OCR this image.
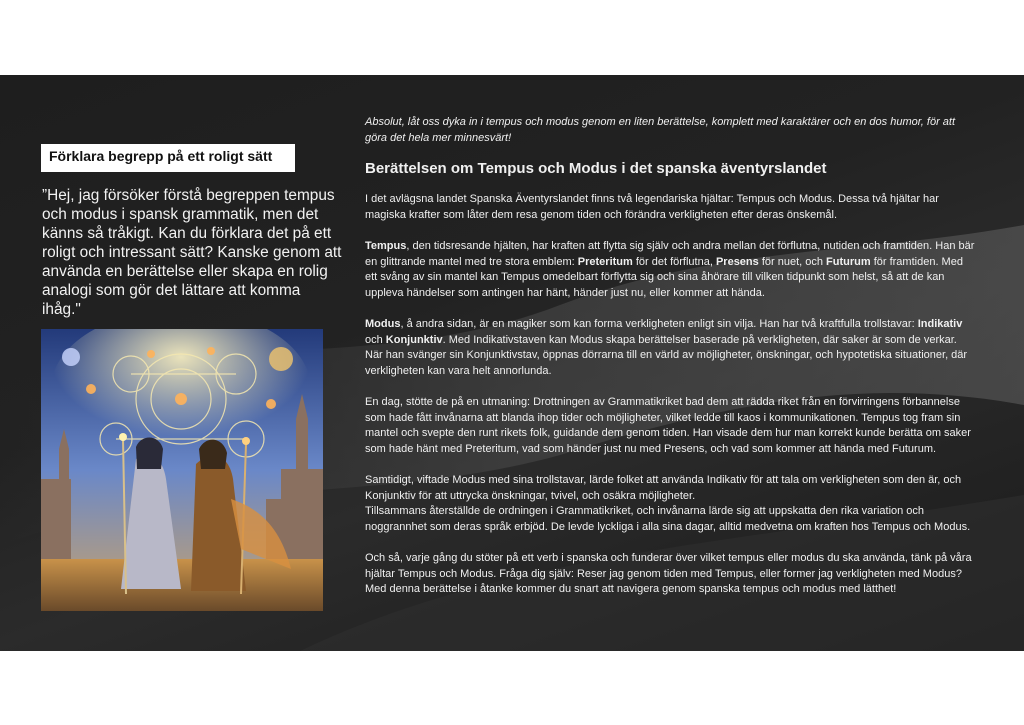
Förklara begrepp på ett roligt sätt
”Hej, jag försöker förstå begreppen tempus och modus i spansk grammatik, men det känns så tråkigt. Kan du förklara det på ett roligt och intressant sätt? Kanske genom att använda en berättelse eller skapa en rolig analogi som gör det lättare att komma ihåg."
Absolut, låt oss dyka in i tempus och modus genom en liten berättelse, komplett med karaktärer och en dos humor, för att göra det hela mer minnesvärt!
Berättelsen om Tempus och Modus i det spanska äventyrslandet
I det avlägsna landet Spanska Äventyrslandet finns två legendariska hjältar: Tempus och Modus. Dessa två hjältar har magiska krafter som låter dem resa genom tiden och förändra verkligheten efter deras önskemål.
Tempus, den tidsresande hjälten, har kraften att flytta sig själv och andra mellan det förflutna, nutiden och framtiden. Han bär en glittrande mantel med tre stora emblem: Preteritum för det förflutna, Presens för nuet, och Futurum för framtiden. Med ett svång av sin mantel kan Tempus omedelbart förflytta sig och sina åhörare till vilken tidpunkt som helst, så att de kan uppleva händelser som antingen har hänt, händer just nu, eller kommer att hända.
Modus, å andra sidan, är en magiker som kan forma verkligheten enligt sin vilja. Han har två kraftfulla trollstavar: Indikativ och Konjunktiv. Med Indikativstaven kan Modus skapa berättelser baserade på verkligheten, där saker är som de verkar. När han svänger sin Konjunktivstav, öppnas dörrarna till en värld av möjligheter, önskningar, och hypotetiska situationer, där verkligheten kan vara helt annorlunda.
En dag, stötte de på en utmaning: Drottningen av Grammatikriket bad dem att rädda riket från en förvirringens förbannelse som hade fått invånarna att blanda ihop tider och möjligheter, vilket ledde till kaos i kommunikationen. Tempus tog fram sin mantel och svepte den runt rikets folk, guidande dem genom tiden. Han visade dem hur man korrekt kunde berätta om saker som hade hänt med Preteritum, vad som händer just nu med Presens, och vad som kommer att hända med Futurum.
Samtidigt, viftade Modus med sina trollstavar, lärde folket att använda Indikativ för att tala om verkligheten som den är, och Konjunktiv för att uttrycka önskningar, tvivel, och osäkra möjligheter.
Tillsammans återställde de ordningen i Grammatikriket, och invånarna lärde sig att uppskatta den rika variation och noggrannhet som deras språk erbjöd. De levde lyckliga i alla sina dagar, alltid medvetna om kraften hos Tempus och Modus.
Och så, varje gång du stöter på ett verb i spanska och funderar över vilket tempus eller modus du ska använda, tänk på våra hjältar Tempus och Modus. Fråga dig själv: Reser jag genom tiden med Tempus, eller former jag verkligheten med Modus? Med denna berättelse i åtanke kommer du snart att navigera genom spanska tempus och modus med lätthet!
